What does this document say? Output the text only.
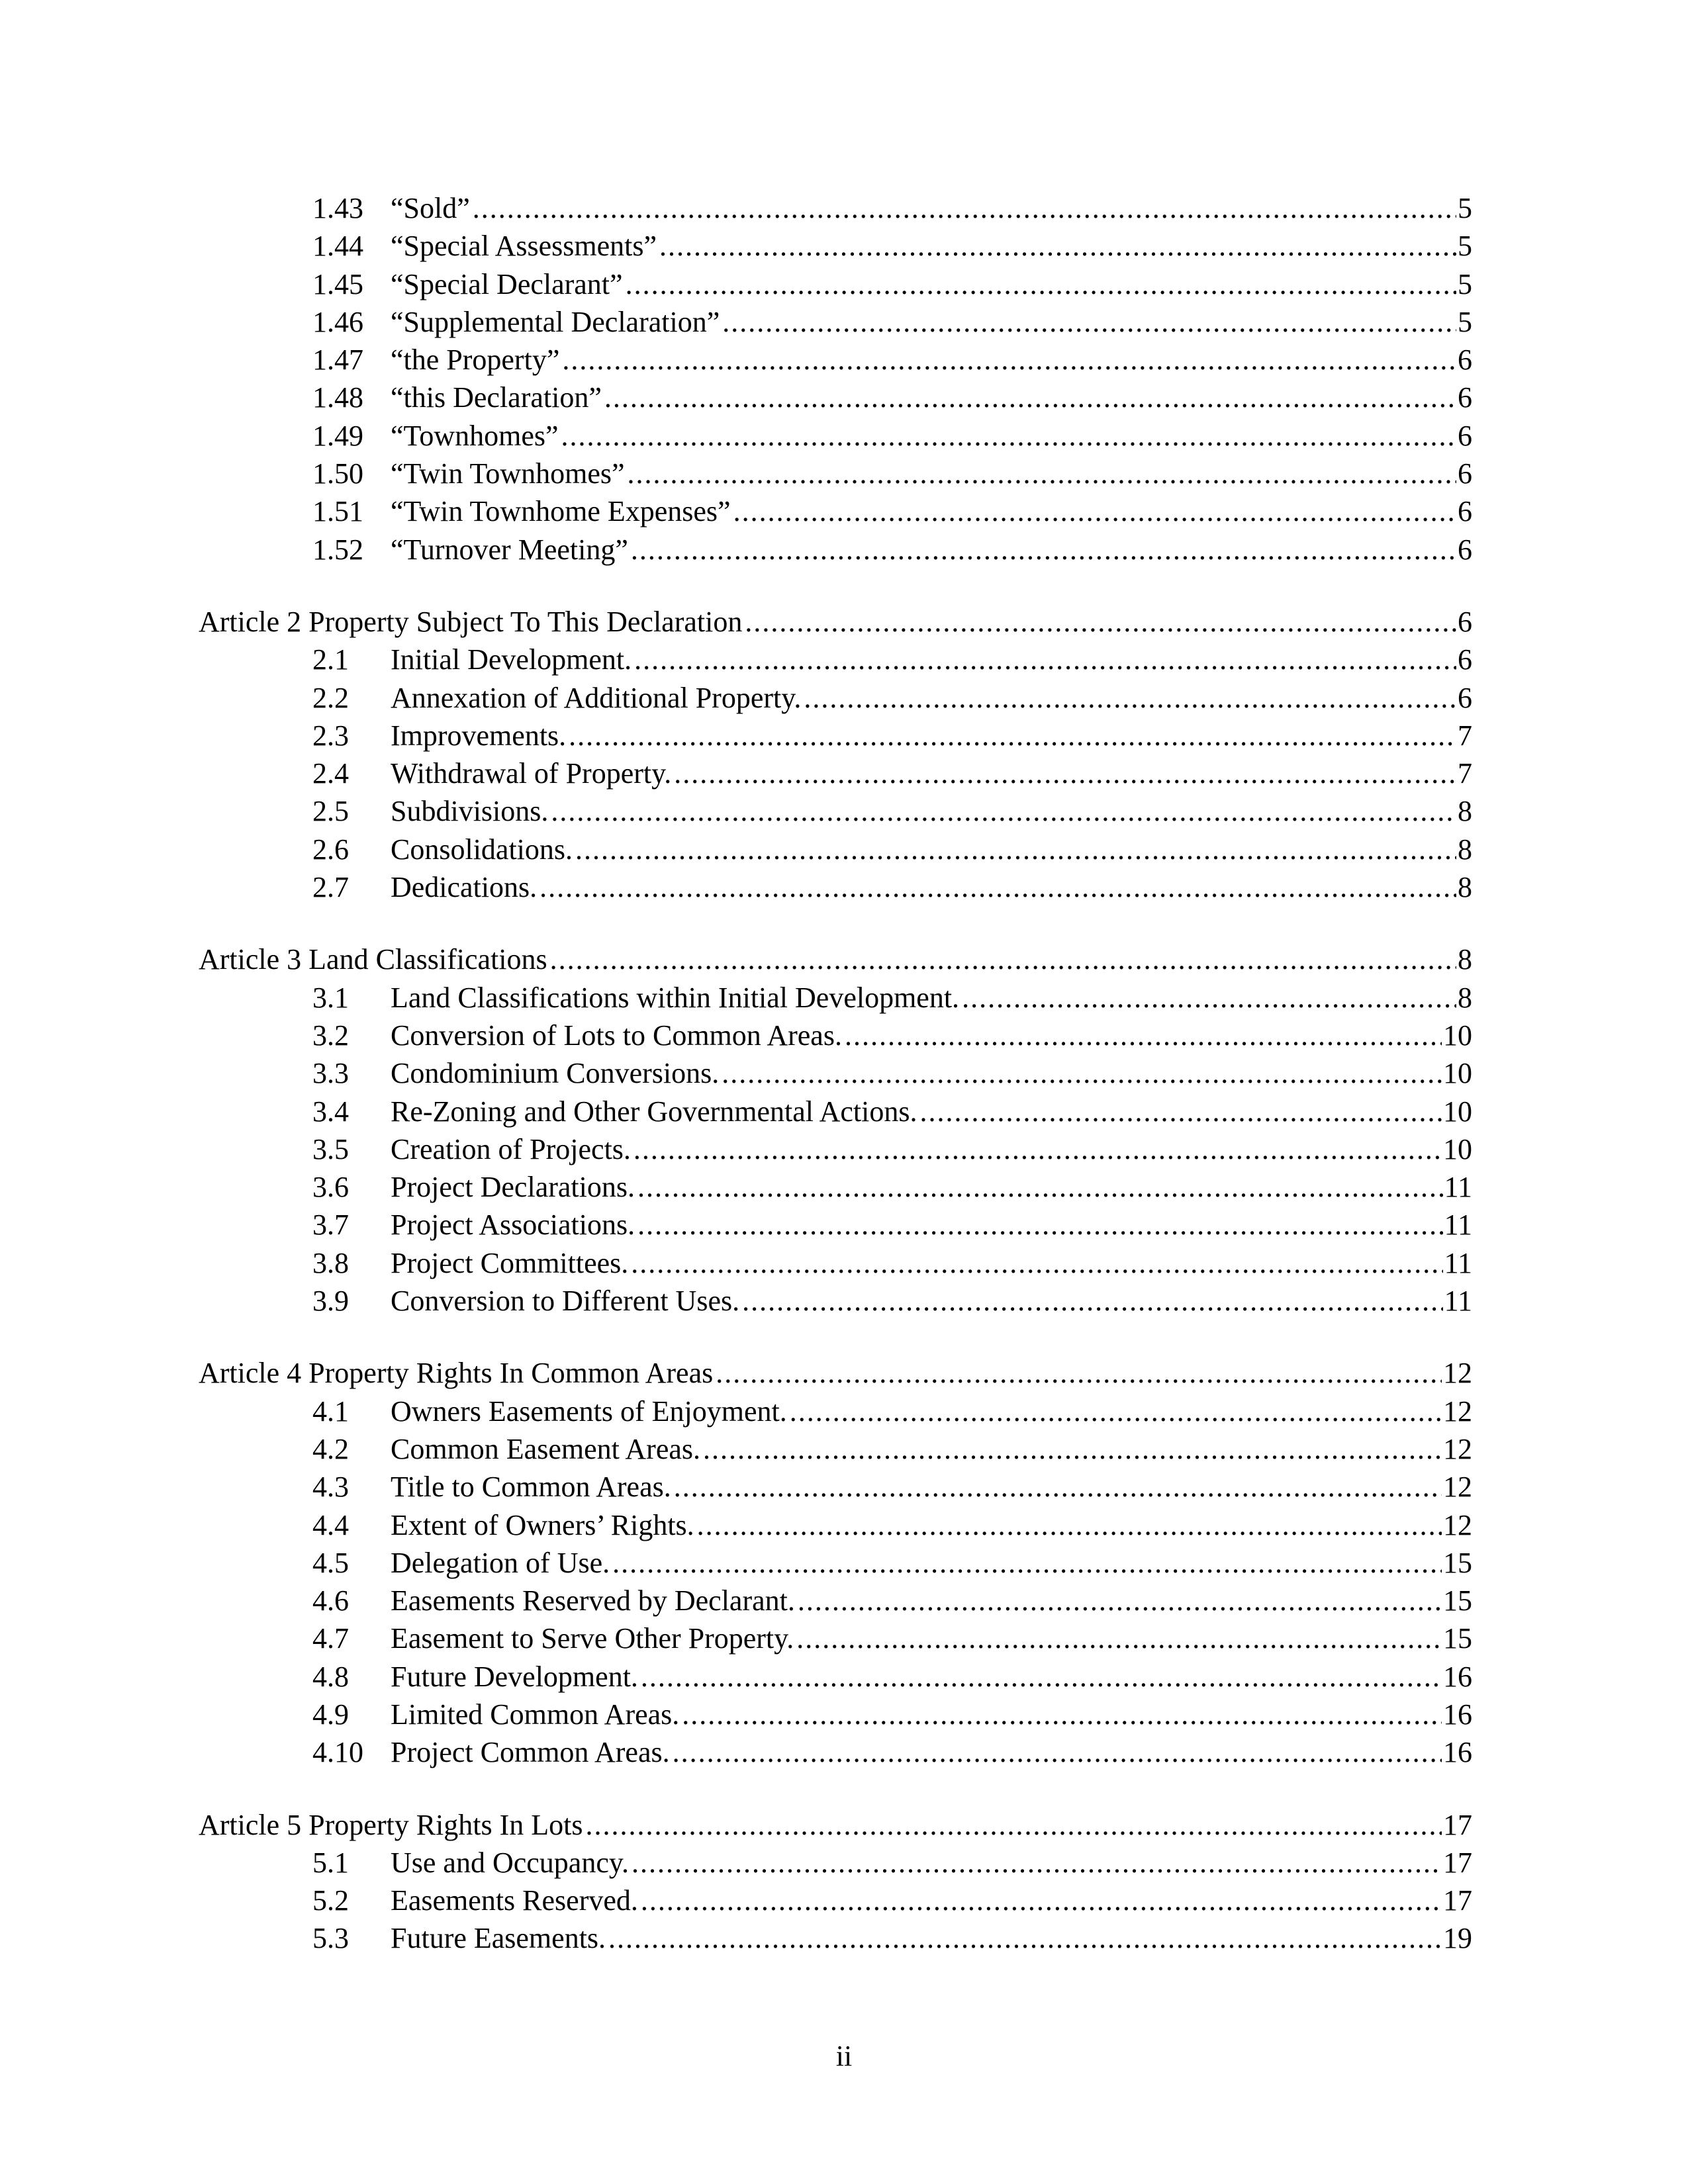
1.43 “Sold” .....	5
1.44 “Special Assessments” .....	5
1.45 “Special Declarant” .....	5
1.46 “Supplemental Declaration” .....	5
1.47 “the Property” .....	6
1.48 “this Declaration” .....	6
1.49 “Townhomes” .....	6
1.50 “Twin Townhomes” .....	6
1.51 “Twin Townhome Expenses” .....	6
1.52 “Turnover Meeting” .....	6
Article 2 Property Subject To This Declaration .....	6
2.1	Initial Development. .....	6
2.2	Annexation of Additional Property. .....	6
2.3	Improvements. .....	7
2.4	Withdrawal of Property. .....	7
2.5	Subdivisions. .....	8
2.6	Consolidations. .....	8
2.7	Dedications. .....	8
Article 3 Land Classifications .....	8
3.1	Land Classifications within Initial Development. .....	8
3.2	Conversion of Lots to Common Areas. .....	10
3.3	Condominium Conversions. .....	10
3.4	Re-Zoning and Other Governmental Actions. .....	10
3.5	Creation of Projects. .....	10
3.6	Project Declarations. .....	11
3.7	Project Associations. .....	11
3.8	Project Committees. .....	11
3.9	Conversion to Different Uses. .....	11
Article 4 Property Rights In Common Areas .....	12
4.1	Owners Easements of Enjoyment. .....	12
4.2	Common Easement Areas. .....	12
4.3	Title to Common Areas. .....	12
4.4	Extent of Owners’ Rights. .....	12
4.5	Delegation of Use. .....	15
4.6	Easements Reserved by Declarant. .....	15
4.7	Easement to Serve Other Property. .....	15
4.8	Future Development. .....	16
4.9	Limited Common Areas. .....	16
4.10 Project Common Areas. .....	16
Article 5 Property Rights In Lots .....	17
5.1	Use and Occupancy. .....	17
5.2	Easements Reserved. .....	17
5.3	Future Easements. .....	19
ii
